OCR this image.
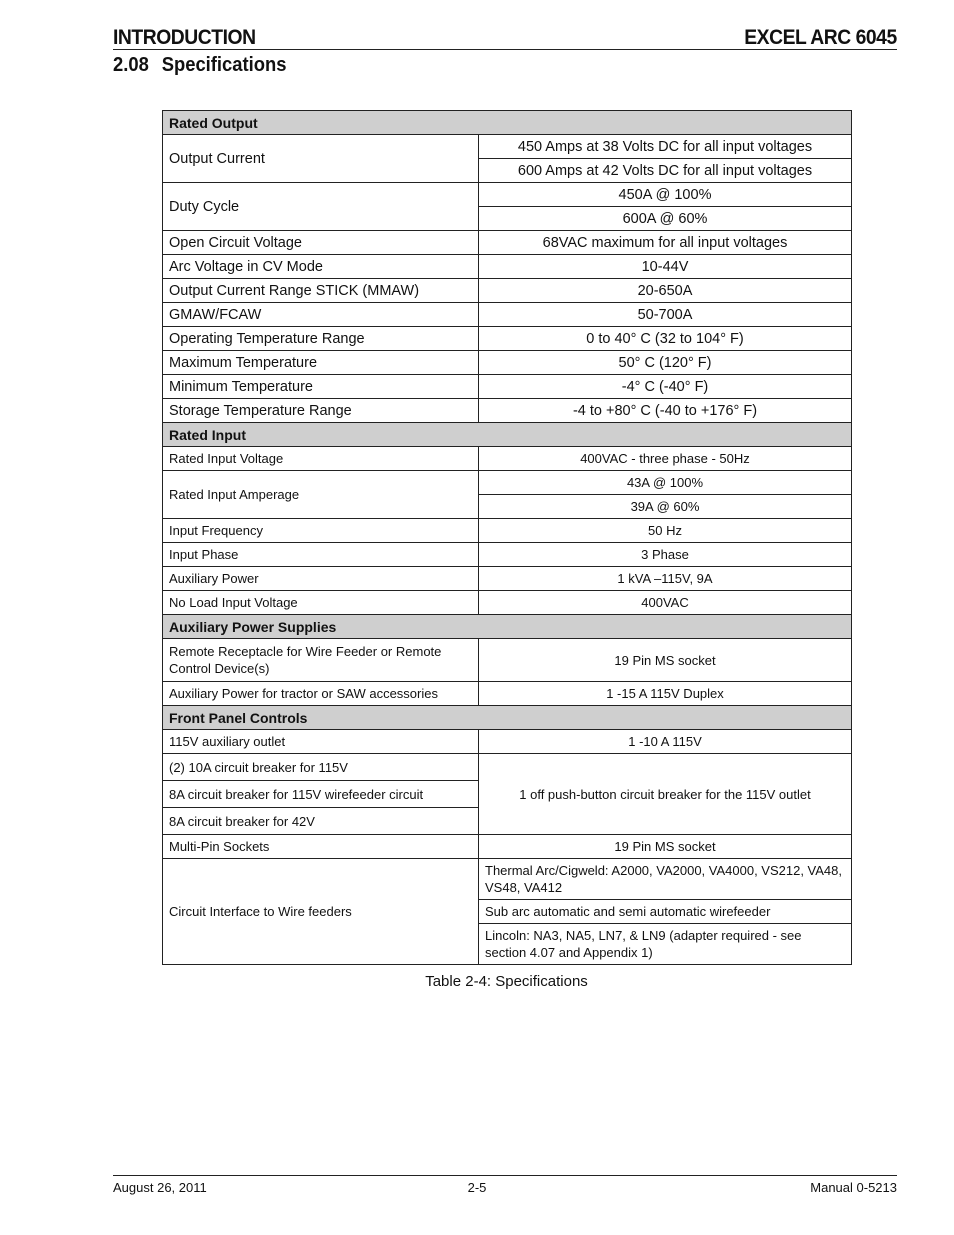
INTRODUCTION	EXCEL ARC 6045
2.08 Specifications
Rated Output	
Output Current	450 Amps at 38 Volts DC for all input voltages
	600 Amps at 42 Volts DC for all input voltages
Duty Cycle	450A @ 100%
	600A @ 60%
Open Circuit Voltage	68VAC maximum for all input voltages
Arc Voltage in CV Mode	10-44V
Output Current Range STICK (MMAW)	20-650A
GMAW/FCAW	50-700A
Operating Temperature Range	0 to 40° C (32 to 104° F)
Maximum Temperature	50° C (120° F)
Minimum Temperature	-4° C (-40° F)
Storage Temperature Range	-4 to +80° C (-40 to +176° F)
Rated Input	
Rated Input Voltage	400VAC - three phase - 50Hz
Rated Input Amperage	43A @ 100%
	39A @ 60%
Input Frequency	50 Hz
Input Phase	3 Phase
Auxiliary Power	1 kVA –115V, 9A
No Load Input Voltage	400VAC
Auxiliary Power Supplies	
Remote Receptacle for Wire Feeder or Remote Control Device(s)	19 Pin MS socket
Auxiliary Power for tractor or SAW accessories	1 -15 A 115V Duplex
Front Panel Controls	
115V auxiliary outlet	1 -10 A 115V
(2) 10A circuit breaker for 115V	1 off push-button circuit breaker for the 115V outlet
8A circuit breaker for 115V wirefeeder circuit	
8A circuit breaker for 42V	
Multi-Pin Sockets	19 Pin MS socket
Circuit Interface to Wire feeders	Thermal Arc/Cigweld: A2000, VA2000, VA4000, VS212, VA48, VS48, VA412
	Sub arc automatic and semi automatic wirefeeder
	Lincoln: NA3, NA5, LN7, & LN9 (adapter required - see section 4.07 and Appendix 1)
Table 2-4: Specifications
August 26, 2011	2-5	Manual 0-5213
